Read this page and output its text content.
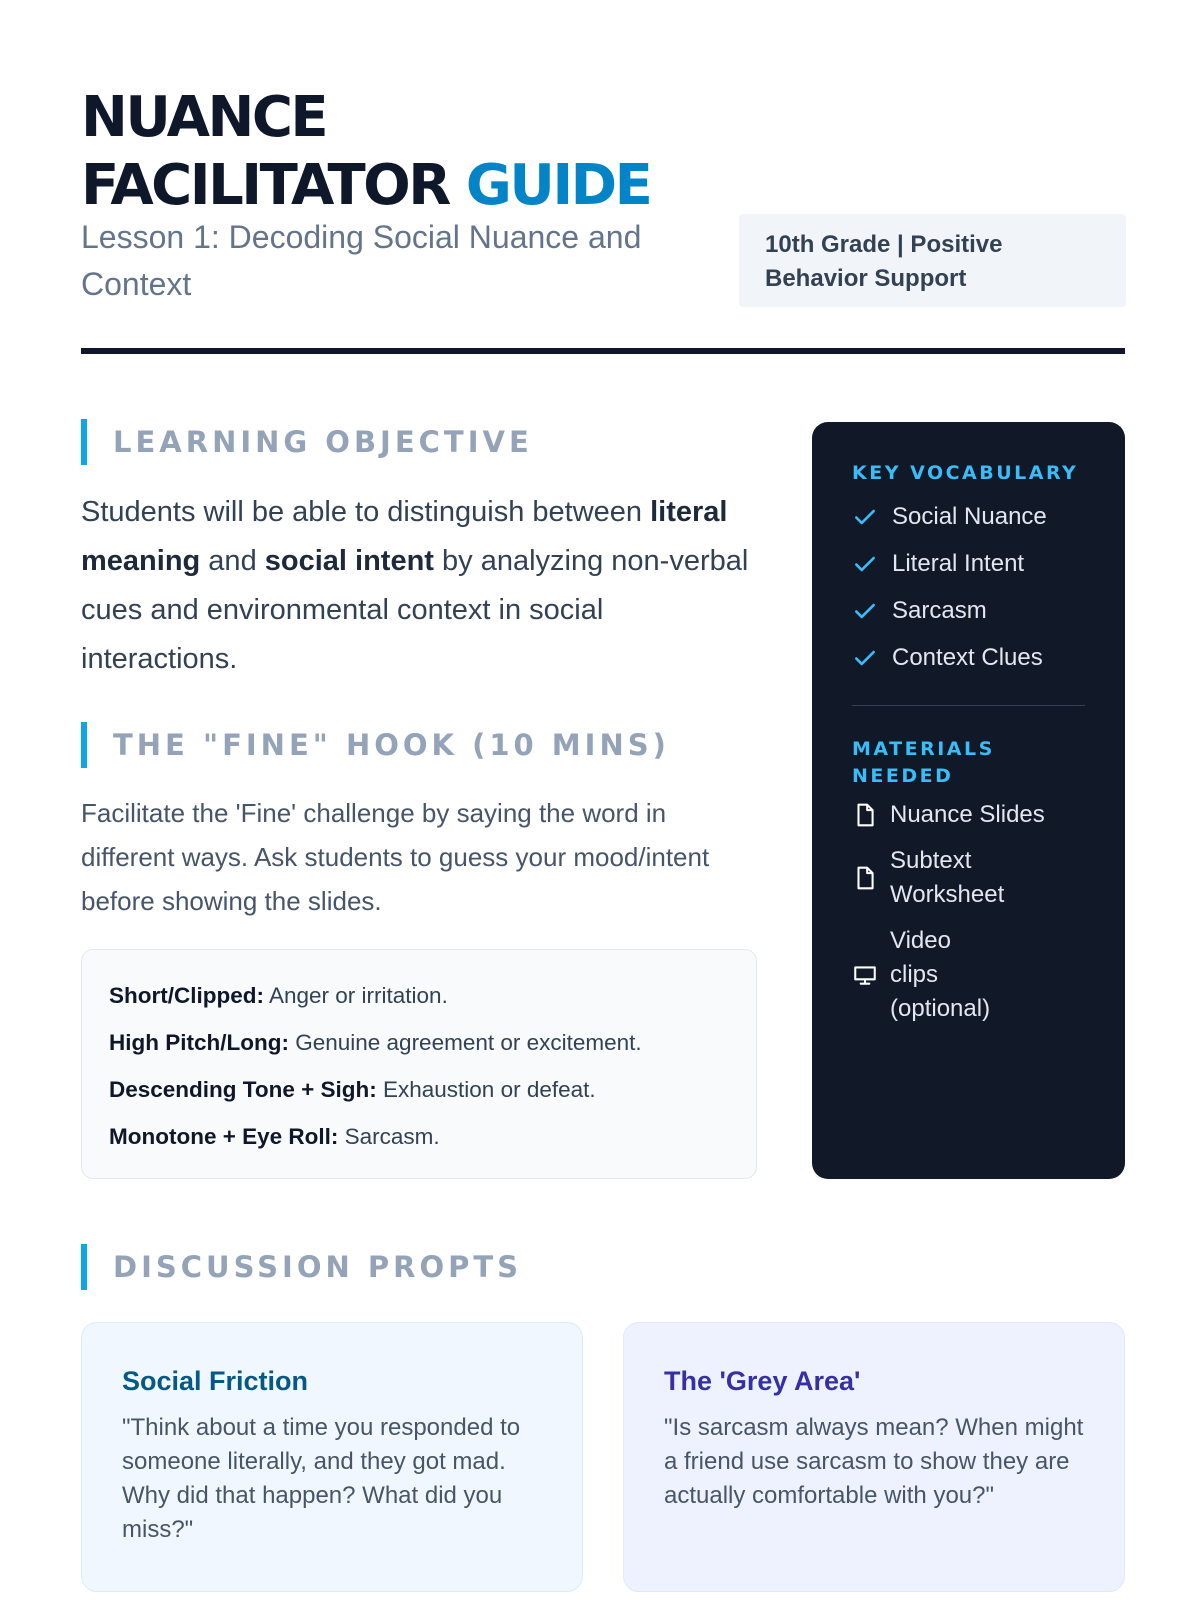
NUANCE
FACILITATOR GUIDE

Lesson 1: Decoding Social Nuance and Context

10th Grade | Positive
Behavior Support
LEARNING OBJECTIVE

Students will be able to distinguish between literal meaning and social intent by analyzing non-verbal cues and environmental context in social interactions.

THE "FINE" HOOK (10 MINS)

Facilitate the 'Fine' challenge by saying the word in different ways. Ask students to guess your mood/intent before showing the slides.

Short/Clipped: Anger or irritation.
High Pitch/Long: Genuine agreement or excitement.
Descending Tone + Sigh: Exhaustion or defeat.
Monotone + Eye Roll: Sarcasm.
KEY VOCABULARY
Social Nuance
Literal Intent
Sarcasm
Context Clues
MATERIALS NEEDED
Nuance Slides
Subtext Worksheet
Video clips (optional)
DISCUSSION PROPTS
Social Friction

"Think about a time you responded to someone literally, and they got mad. Why did that happen? What did you miss?"

The 'Grey Area'

"Is sarcasm always mean? When might a friend use sarcasm to show they are actually comfortable with you?"
